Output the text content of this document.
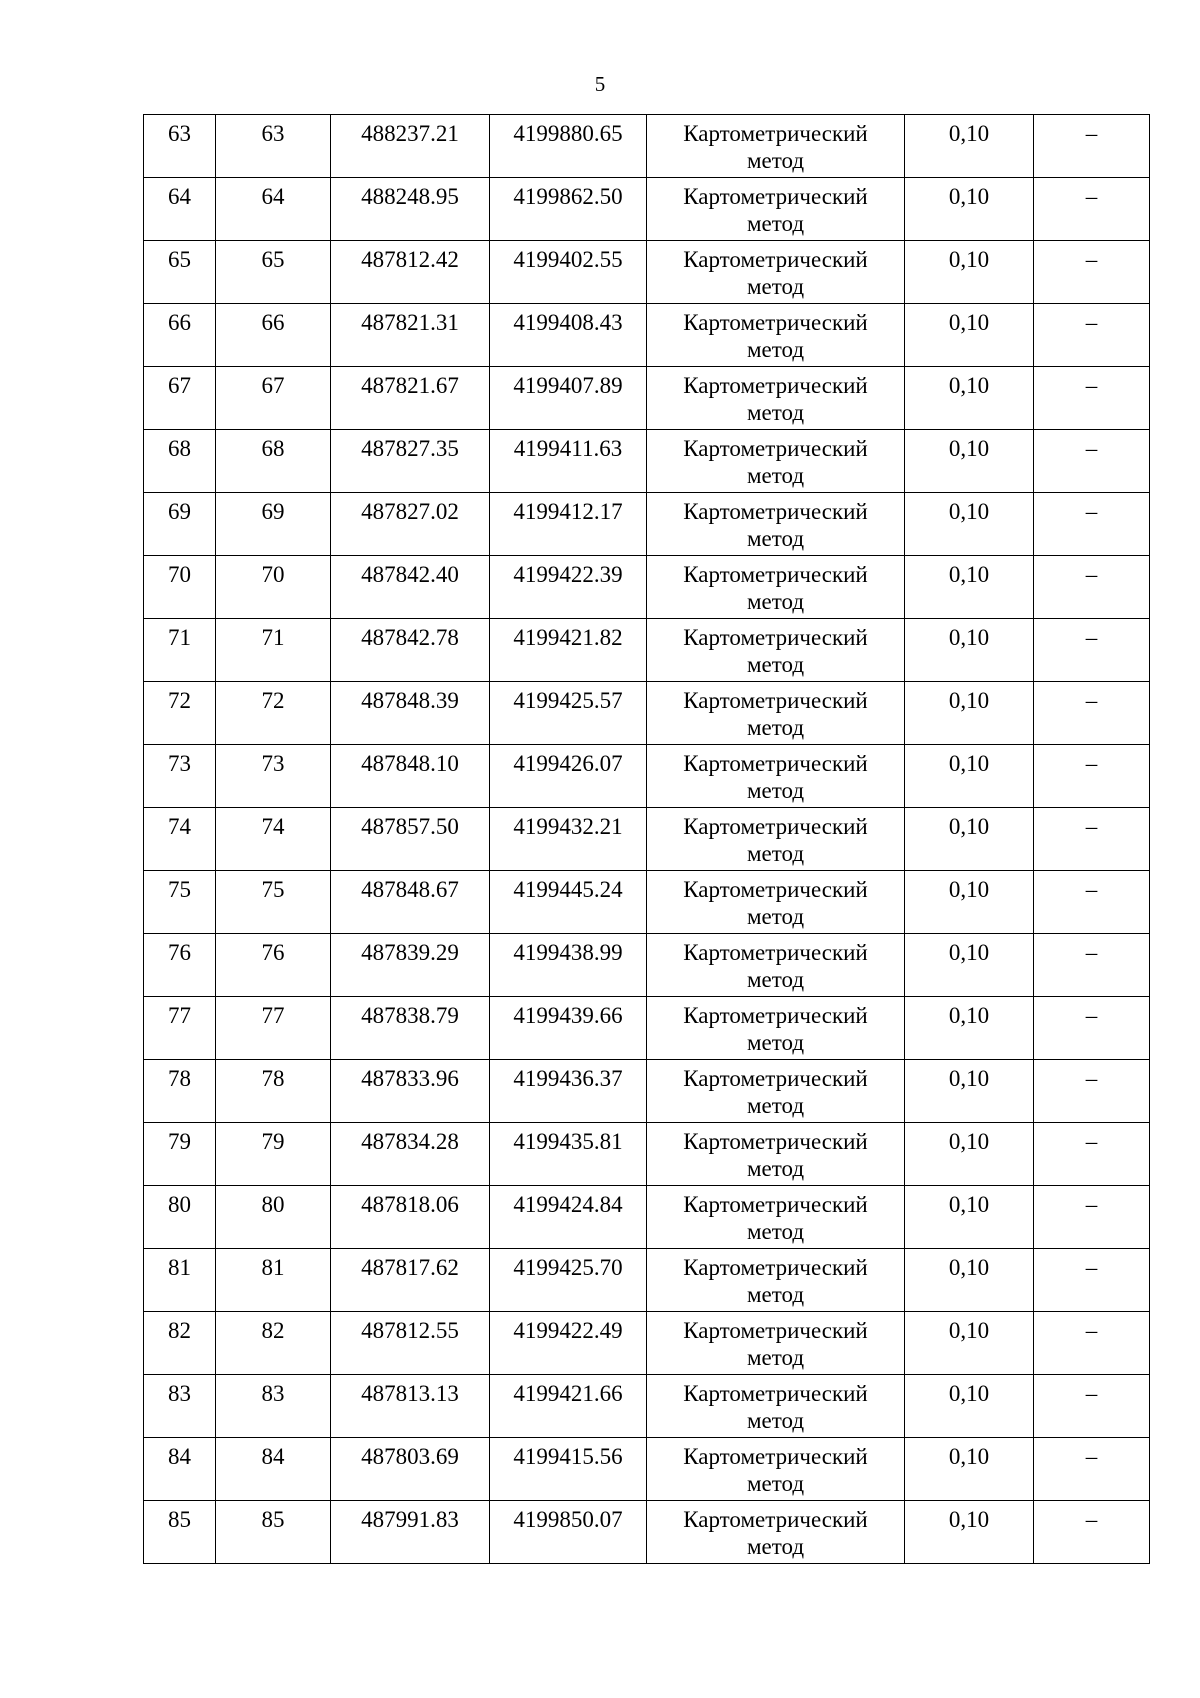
5
63	63	488237.21	4199880.65	Картометрический
метод	0,10	–
64	64	488248.95	4199862.50	Картометрический
метод	0,10	–
65	65	487812.42	4199402.55	Картометрический
метод	0,10	–
66	66	487821.31	4199408.43	Картометрический
метод	0,10	–
67	67	487821.67	4199407.89	Картометрический
метод	0,10	–
68	68	487827.35	4199411.63	Картометрический
метод	0,10	–
69	69	487827.02	4199412.17	Картометрический
метод	0,10	–
70	70	487842.40	4199422.39	Картометрический
метод	0,10	–
71	71	487842.78	4199421.82	Картометрический
метод	0,10	–
72	72	487848.39	4199425.57	Картометрический
метод	0,10	–
73	73	487848.10	4199426.07	Картометрический
метод	0,10	–
74	74	487857.50	4199432.21	Картометрический
метод	0,10	–
75	75	487848.67	4199445.24	Картометрический
метод	0,10	–
76	76	487839.29	4199438.99	Картометрический
метод	0,10	–
77	77	487838.79	4199439.66	Картометрический
метод	0,10	–
78	78	487833.96	4199436.37	Картометрический
метод	0,10	–
79	79	487834.28	4199435.81	Картометрический
метод	0,10	–
80	80	487818.06	4199424.84	Картометрический
метод	0,10	–
81	81	487817.62	4199425.70	Картометрический
метод	0,10	–
82	82	487812.55	4199422.49	Картометрический
метод	0,10	–
83	83	487813.13	4199421.66	Картометрический
метод	0,10	–
84	84	487803.69	4199415.56	Картометрический
метод	0,10	–
85	85	487991.83	4199850.07	Картометрический
метод	0,10	–
